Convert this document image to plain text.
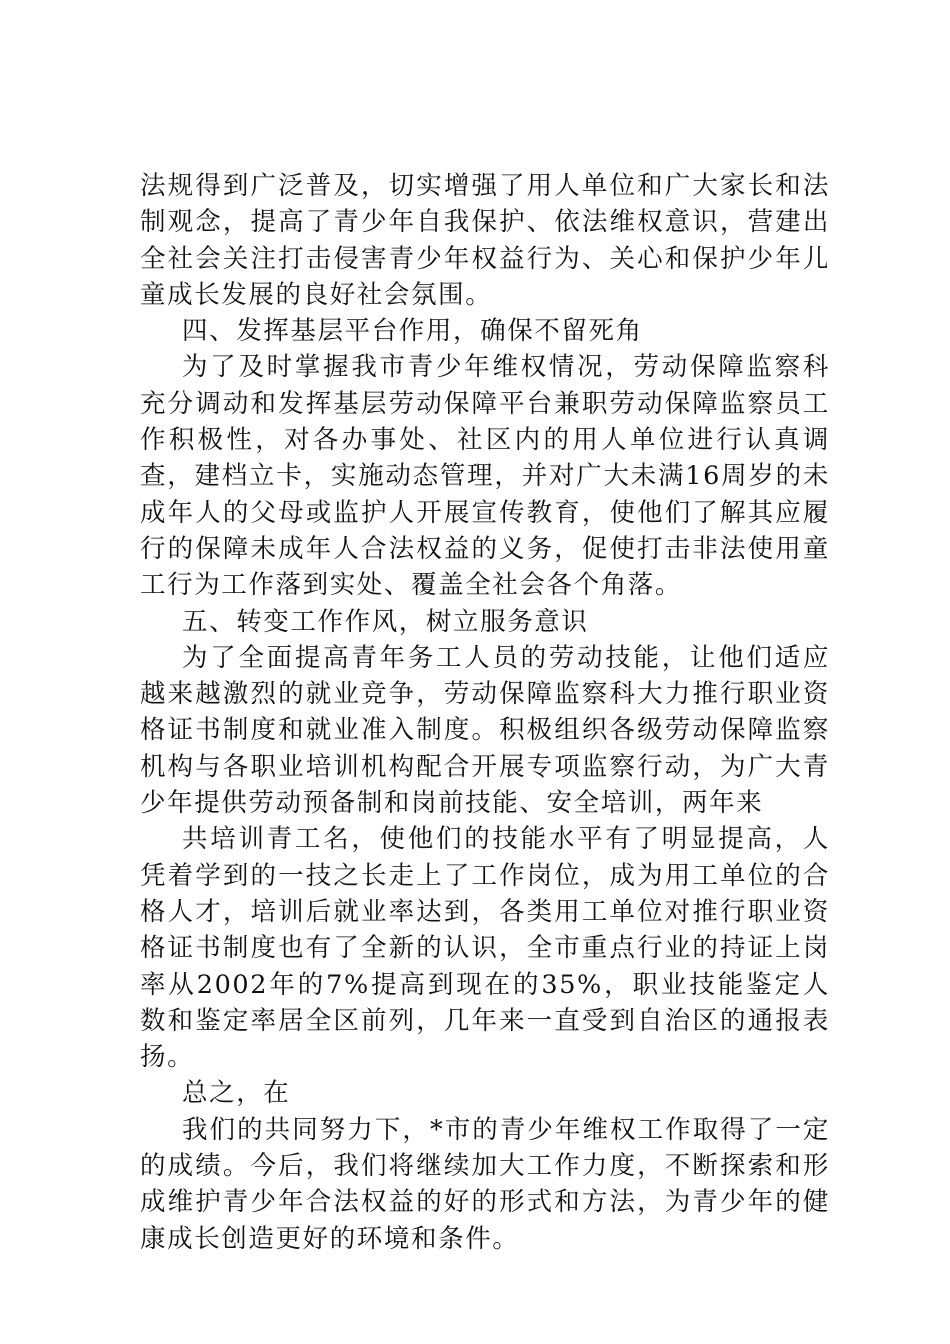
法规得到广泛普及，切实增强了用人单位和广大家长和法制观念，提高了青少年自我保护、依法维权意识，营建出全社会关注打击侵害青少年权益行为、关心和保护少年儿童成长发展的良好社会氛围。

四、发挥基层平台作用，确保不留死角

为了及时掌握我市青少年维权情况，劳动保障监察科充分调动和发挥基层劳动保障平台兼职劳动保障监察员工作积极性，对各办事处、社区内的用人单位进行认真调查，建档立卡，实施动态管理，并对广大未满16周岁的未成年人的父母或监护人开展宣传教育，使他们了解其应履行的保障未成年人合法权益的义务，促使打击非法使用童工行为工作落到实处、覆盖全社会各个角落。

五、转变工作作风，树立服务意识

为了全面提高青年务工人员的劳动技能，让他们适应越来越激烈的就业竞争，劳动保障监察科大力推行职业资格证书制度和就业准入制度。积极组织各级劳动保障监察机构与各职业培训机构配合开展专项监察行动，为广大青少年提供劳动预备制和岗前技能、安全培训，两年来

共培训青工名，使他们的技能水平有了明显提高，人凭着学到的一技之长走上了工作岗位，成为用工单位的合格人才，培训后就业率达到，各类用工单位对推行职业资格证书制度也有了全新的认识，全市重点行业的持证上岗率从2002年的7%提高到现在的35%，职业技能鉴定人数和鉴定率居全区前列，几年来一直受到自治区的通报表扬。

总之，在

我们的共同努力下，*市的青少年维权工作取得了一定的成绩。今后，我们将继续加大工作力度，不断探索和形成维护青少年合法权益的好的形式和方法，为青少年的健康成长创造更好的环境和条件。
